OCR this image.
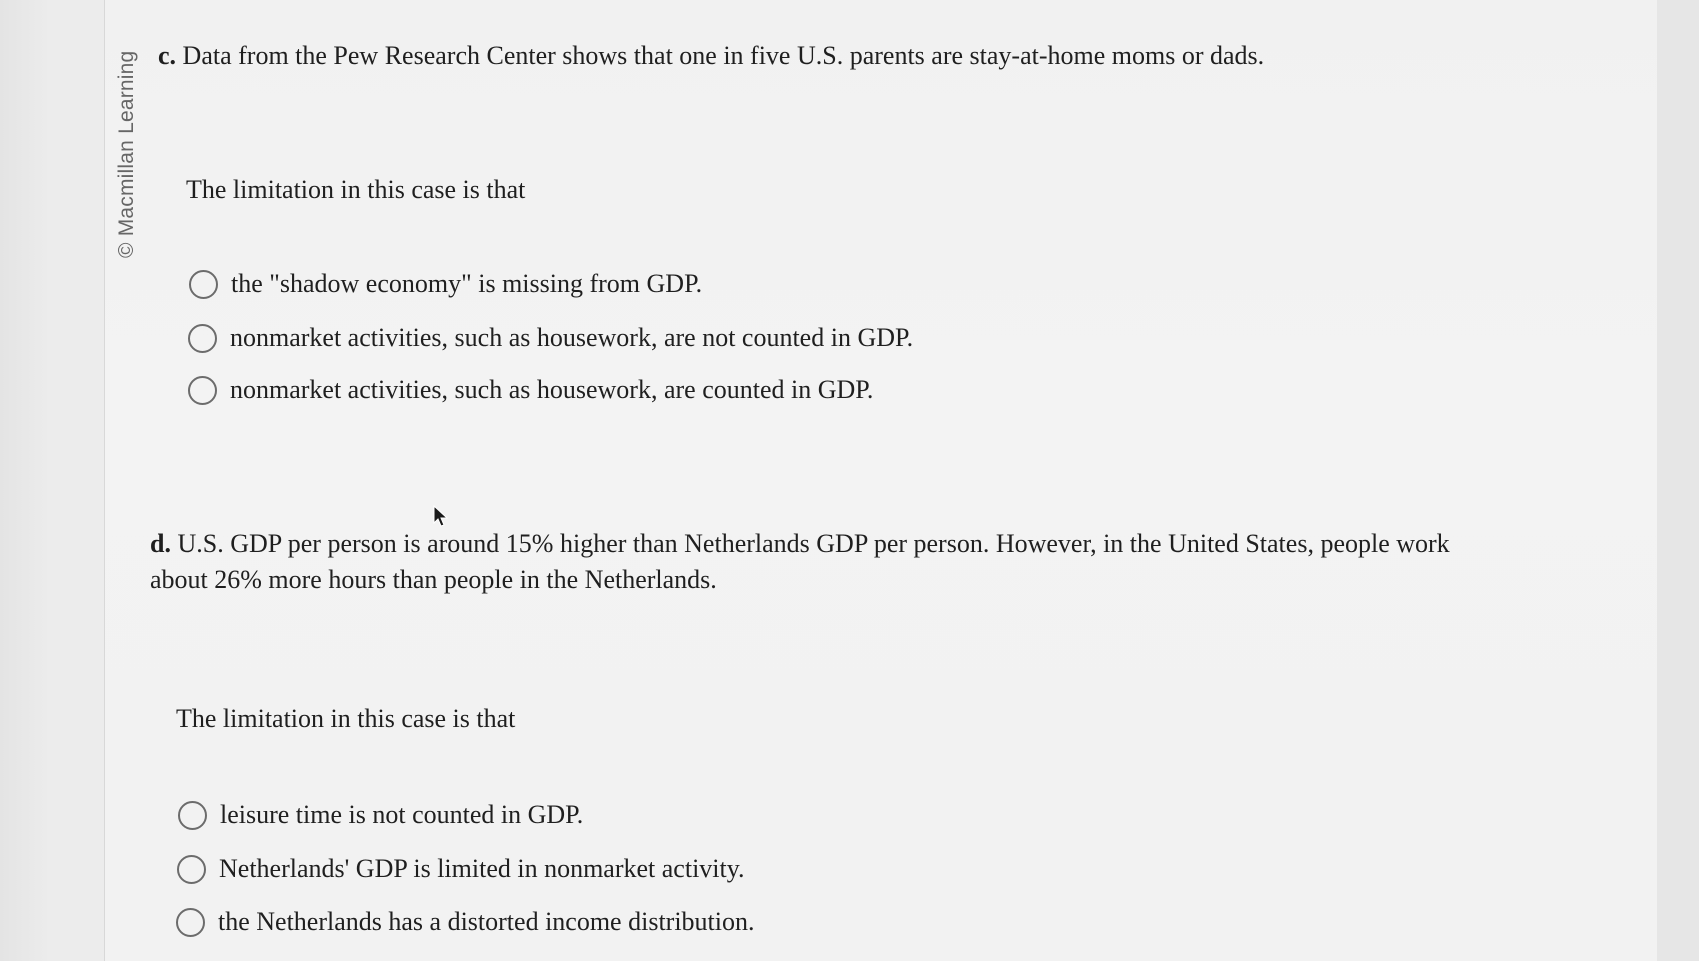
© Macmillan Learning c. Data from the Pew Research Center shows that one in five U.S. parents are stay-at-home moms or dads.
The limitation in this case is that
the "shadow economy" is missing from GDP.
nonmarket activities, such as housework, are not counted in GDP.
nonmarket activities, such as housework, are counted in GDP.
d. U.S. GDP per person is around 15% higher than Netherlands GDP per person. However, in the United States, people work
about 26% more hours than people in the Netherlands.
The limitation in this case is that
leisure time is not counted in GDP.
Netherlands' GDP is limited in nonmarket activity.
the Netherlands has a distorted income distribution.
